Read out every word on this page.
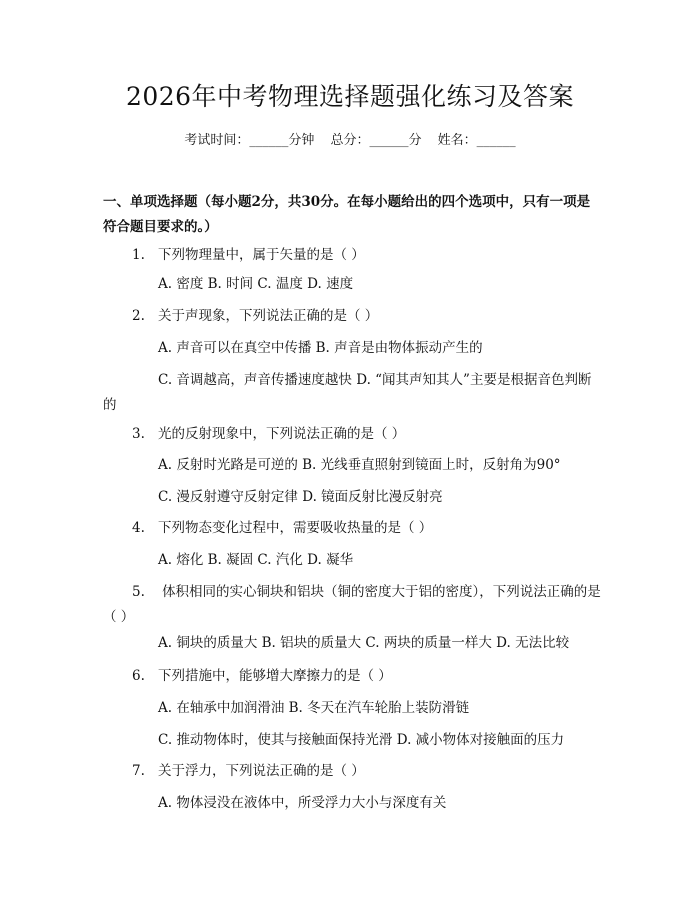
2026年中考物理选择题强化练习及答案
考试时间：______分钟 总分：______分 姓名：______
一、单项选择题（每小题2分，共30分。在每小题给出的四个选项中，只有一项是符合题目要求的。）
1. 下列物理量中，属于矢量的是（ ）
A. 密度 B. 时间 C. 温度 D. 速度
2. 关于声现象，下列说法正确的是（ ）
A. 声音可以在真空中传播 B. 声音是由物体振动产生的
C. 音调越高，声音传播速度越快 D. “闻其声知其人”主要是根据音色判断的
3. 光的反射现象中，下列说法正确的是（ ）
A. 反射时光路是可逆的 B. 光线垂直照射到镜面上时，反射角为90°
C. 漫反射遵守反射定律 D. 镜面反射比漫反射亮
4. 下列物态变化过程中，需要吸收热量的是（ ）
A. 熔化 B. 凝固 C. 汽化 D. 凝华
5. 体积相同的实心铜块和铝块（铜的密度大于铝的密度），下列说法正确的是（ ）
A. 铜块的质量大 B. 铝块的质量大 C. 两块的质量一样大 D. 无法比较
6. 下列措施中，能够增大摩擦力的是（ ）
A. 在轴承中加润滑油 B. 冬天在汽车轮胎上装防滑链
C. 推动物体时，使其与接触面保持光滑 D. 减小物体对接触面的压力
7. 关于浮力，下列说法正确的是（ ）
A. 物体浸没在液体中，所受浮力大小与深度有关
